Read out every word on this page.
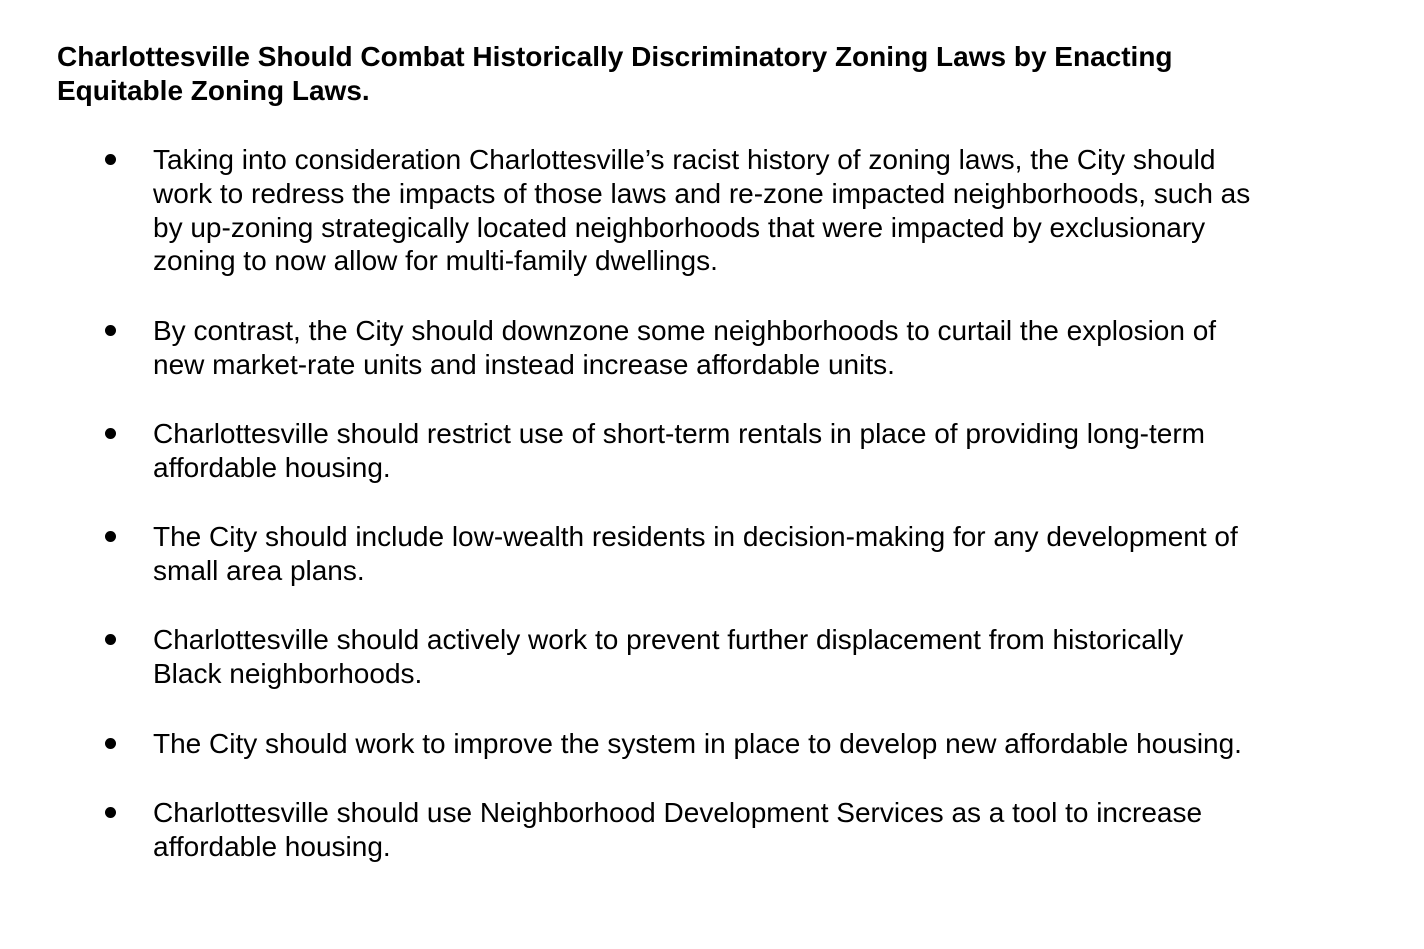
Charlottesville Should Combat Historically Discriminatory Zoning Laws by Enacting
Equitable Zoning Laws.

Taking into consideration Charlottesville’s racist history of zoning laws, the City should
work to redress the impacts of those laws and re-zone impacted neighborhoods, such as
by up-zoning strategically located neighborhoods that were impacted by exclusionary
zoning to now allow for multi-family dwellings.

By contrast, the City should downzone some neighborhoods to curtail the explosion of
new market-rate units and instead increase affordable units.

Charlottesville should restrict use of short-term rentals in place of providing long-term
affordable housing.

The City should include low-wealth residents in decision-making for any development of
small area plans.

Charlottesville should actively work to prevent further displacement from historically
Black neighborhoods.

The City should work to improve the system in place to develop new affordable housing.

Charlottesville should use Neighborhood Development Services as a tool to increase
affordable housing.
